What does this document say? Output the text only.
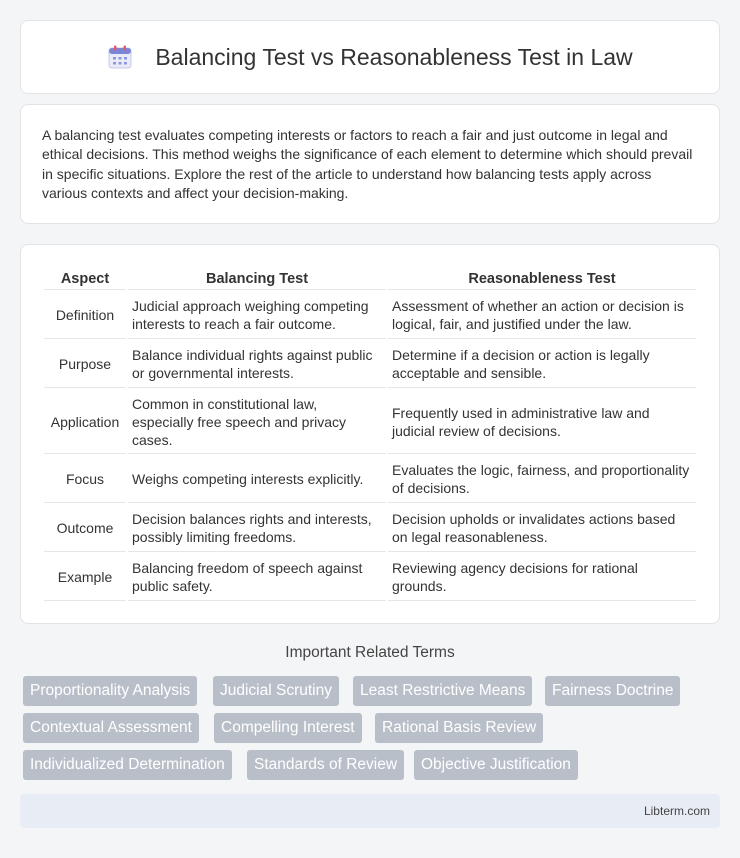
Balancing Test vs Reasonableness Test in Law

A balancing test evaluates competing interests or factors to reach a fair and just outcome in legal and ethical decisions. This method weighs the significance of each element to determine which should prevail in specific situations. Explore the rest of the article to understand how balancing tests apply across various contexts and affect your decision-making.

Aspect	Balancing Test	Reasonableness Test
Definition	Judicial approach weighing competing interests to reach a fair outcome.	Assessment of whether an action or decision is logical, fair, and justified under the law.
Purpose	Balance individual rights against public or governmental interests.	Determine if a decision or action is legally acceptable and sensible.
Application	Common in constitutional law, especially free speech and privacy cases.	Frequently used in administrative law and judicial review of decisions.
Focus	Weighs competing interests explicitly.	Evaluates the logic, fairness, and proportionality of decisions.
Outcome	Decision balances rights and interests, possibly limiting freedoms.	Decision upholds or invalidates actions based on legal reasonableness.
Example	Balancing freedom of speech against public safety.	Reviewing agency decisions for rational grounds.
Important Related Terms
Proportionality Analysis	Judicial Scrutiny	Least Restrictive Means	Fairness Doctrine
Contextual Assessment	Compelling Interest	Rational Basis Review
Individualized Determination	Standards of Review	Objective Justification
Libterm.com
